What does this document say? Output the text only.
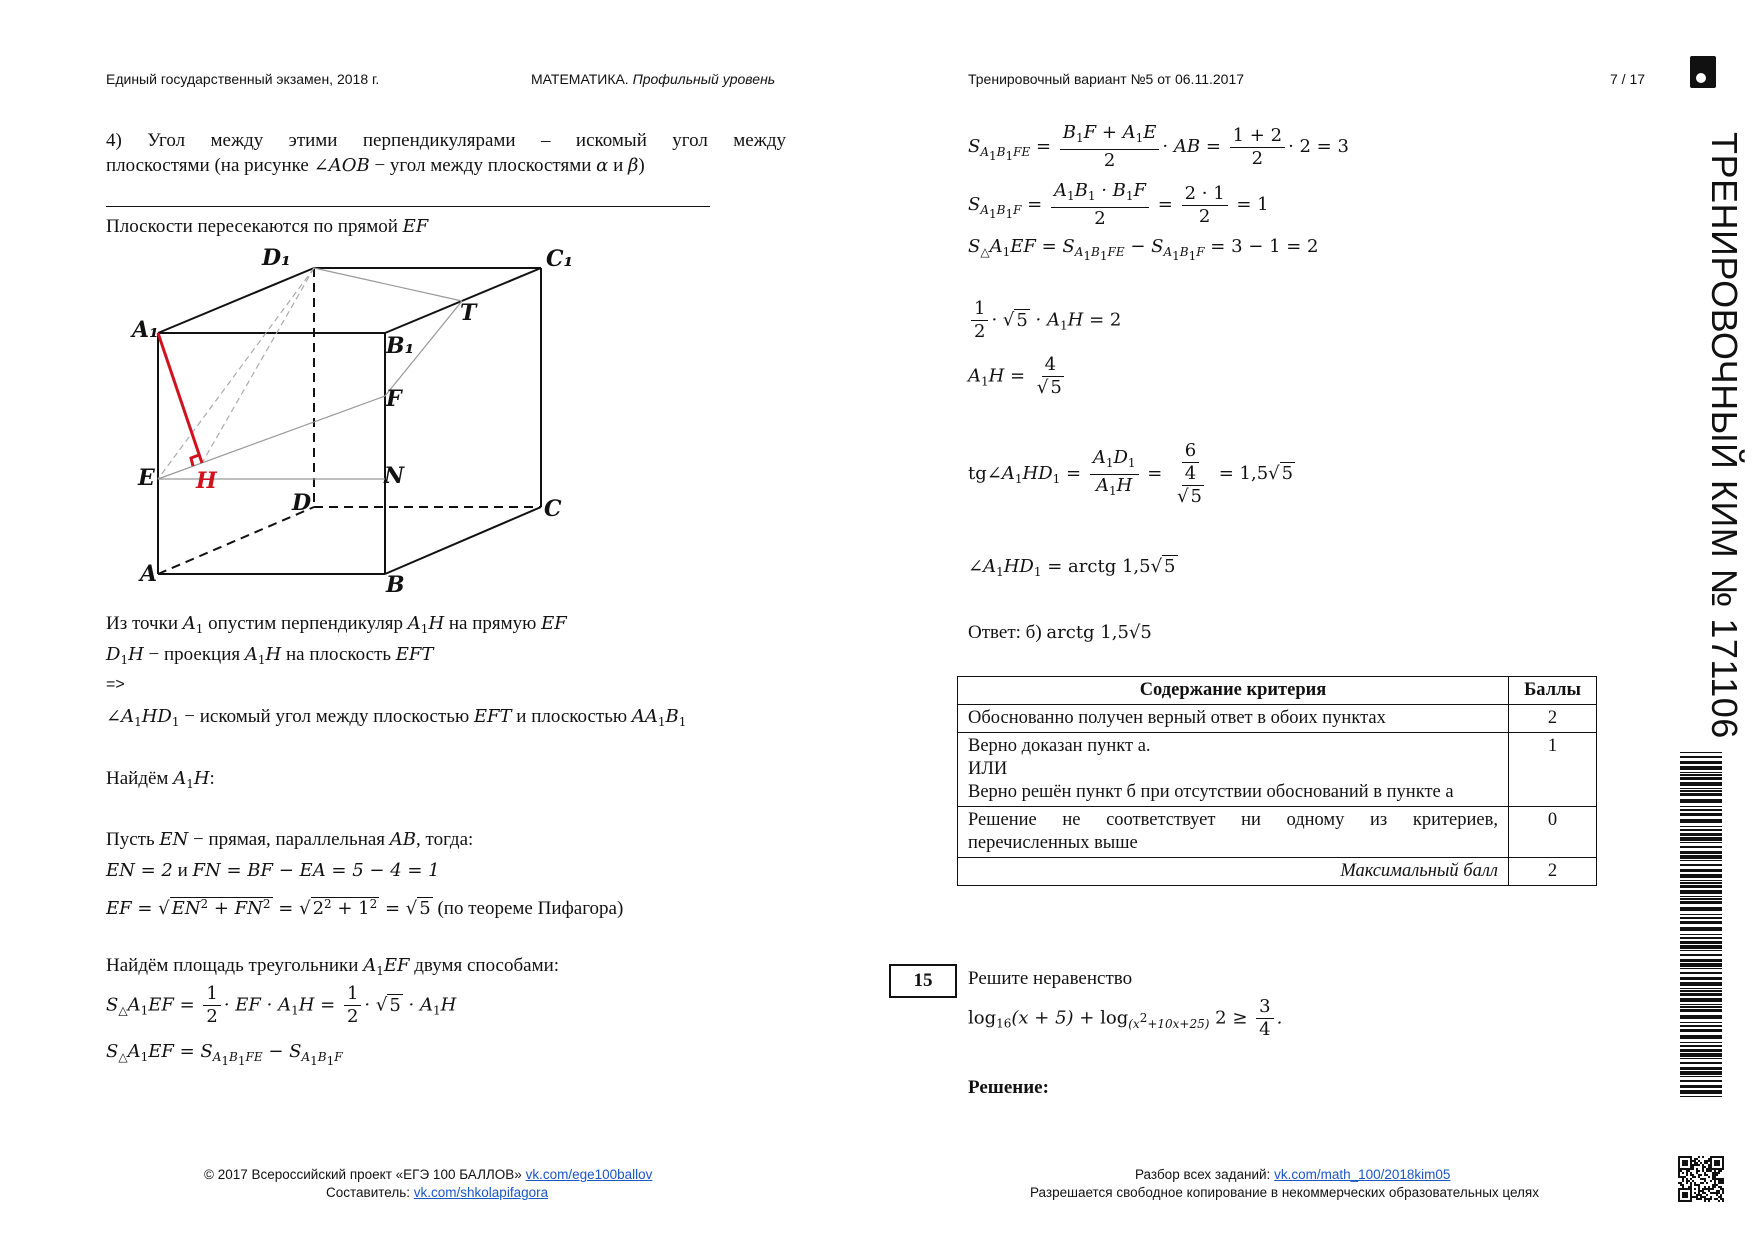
Единый государственный экзамен, 2018 г.	МАТЕМАТИКА. Профильный уровень	Тренировочный вариант №5 от 06.11.2017	7 / 17
ТРЕНИРОВОЧНЫЙ КИМ № 171106
4) Угол между этими перпендикулярами – искомый угол между
плоскостями (на рисунке ∠AOB − угол между плоскостями α и β)
Плоскости пересекаются по прямой EF
D₁	C₁
A₁
B₁
T
F
E	N
D	C
A	B
H
Из точки $A_1$ опустим перпендикуляр $A_1H$ на прямую EF
$D_1H$ − проекция $A_1H$ на плоскость EFT
=>
$\angle A_1HD_1$ − искомый угол между плоскостью EFT и плоскостью $AA_1B_1$
Найдём $A_1H$:
Пусть EN − прямая, параллельная AB, тогда:
EN = 2 и FN = BF − EA = 5 − 4 = 1
EF = √ $EN^2 + FN^2$ = √ $2^2 + 1^2$ = √ 5 (по теореме Пифагора)
Найдём площадь треугольники $A_1EF$ двумя способами:
$S_\triangle A_1EF = \frac{1}{2}$ · EF · $A_1H = \frac{1}{2}$ · √ $5 \cdot A_1H$
$S_\triangle A_1EF = S_{A_1B_1FE} - S_{A_1B_1F}$
$S_{A_1B_1FE} = \frac{B_1F + A_1E}{2}$ · AB = $\frac{1 + 2}{2} \cdot 2 = 3$
$S_{A_1B_1F} = \frac{A_1B_1 \cdot B_1F}{2} = \frac{2 \cdot 1}{2} = 1$
$S_\triangle A_1EF = S_{A_1B_1FE} - S_{A_1B_1F} = 3 - 1 = 2$
$\frac{1}{2}$ · √ $5 \cdot A_1H = 2$
$A_1H = \frac{4}{√ 5}$
$tg\angle A_1HD_1 = \frac{A_1D_1}{A_1H} = \frac{6}{\frac{4}{√ 5}} = 1,5√$ 5
$\angle A_1HD_1$ = arctg 1,5√ 5
Ответ: б) arctg 1,5√5
Содержание критерия	Баллы
Обоснованно получен верный ответ в обоих пунктах	2

Верно доказан пункт а.
ИЛИ
Верно решён пункт б при отсутствии обоснований в пункте а	1
Решение не соответствует ни одному из критериев, перечисленных выше	0
Максимальный балл	2
15	Решите неравенство
$\log_{16}(x + 5) + \log_{(x^2+10x+25)} 2 \ge \frac{3}{4}$ .
Решение:
© 2017 Всероссийский проект «ЕГЭ 100 БАЛЛОВ» vk.com/ege100ballov
Составитель: vk.com/shkolapifagora
Разбор всех заданий: vk.com/math_100/2018kim05
Разрешается свободное копирование в некоммерческих образовательных целях
